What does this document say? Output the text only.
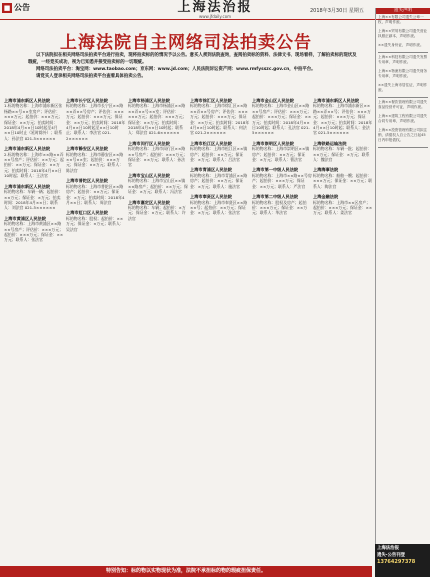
■ 公告	上海法治报
www.jfdaily.com
2018年3月30日 星期五
上海法院自主网络司法拍卖公告

以下法院拟在相关网络司法拍卖平台进行拍卖，现将拍卖标的的情况予以公告。意买人须到法院查询，查阅拍卖标的资料、法律文书、现场看样，了解拍卖标的现状及瑕疵，一经竞买成功，视为已知悉并接受拍卖标的一切瑕疵。

网络司法拍卖平台：淘宝网：www.taobao.com；京东网：www.jd.com；人民法院诉讼资产网：www.rmfysszc.gov.cn，中拍平台。

请竞买人登录相关网络司法拍卖平台查看具体拍卖公告。

上海市浦东新区人民法院
1.标的物名称：上海市浦东新区张杨路××号××室房产；评估价：×××万元；起拍价：×××万元；保证金：××万元；拍卖时间：2018年4月××日10时起至4月××日10时止（延时除外）；联系人：孙法官 021-5××××××
上海市浦东新区人民法院
2.标的物名称：上海市××路××弄××号房产；评估价：××万元；起拍价：××万元；保证金：××万元；拍卖时间：2018年4月××日10时起；联系人：王法官
上海市浦东新区人民法院
标的物名称：车辆一辆；起拍价：××万元；保证金：×万元；拍卖时间：2018年4月××日；联系人：刘法官 021-5××××××
上海市黄浦区人民法院
标的物名称：上海市黄浦区××路××号房产；评估价：×××万元；起拍价：×××万元；保证金：××万元；联系人：张法官
上海市长宁区人民法院
标的物名称：上海市长宁区××路××弄××号房产；评估价：×××万元；起拍价：×××万元；保证金：××万元；拍卖时间：2018年4月××日10时起至××日10时止；联系人：李法官 021-2××××××
上海市静安区人民法院
标的物名称：上海市静安区××路××号××室；起拍价：×××万元；保证金：××万元；联系人：陈法官
上海市普陀区人民法院
标的物名称：上海市普陀区××路房产；起拍价：××万元；保证金：×万元；拍卖时间：2018年4月××日；联系人：周法官
上海市虹口区人民法院
标的物名称：股权；起拍价：××万元；保证金：×万元；联系人：吴法官
上海市杨浦区人民法院
标的物名称：上海市杨浦区××路××弄××号××室；评估价：×××万元；起拍价：×××万元；保证金：××万元；拍卖时间：2018年4月××日10时起；联系人：郑法官 021-6××××××
上海市闵行区人民法院
标的物名称：上海市闵行区××路××号房产；起拍价：×××万元；保证金：××万元；联系人：孙法官
上海市宝山区人民法院
标的物名称：上海市宝山区××镇××路房产；起拍价：××万元；保证金：×万元；联系人：冯法官
上海市嘉定区人民法院
标的物名称：车辆；起拍价：×万元；保证金：×万元；联系人：许法官
上海市徐汇区人民法院
标的物名称：上海市徐汇区××路××弄××号房产；评估价：×××万元；起拍价：×××万元；保证金：××万元；拍卖时间：2018年4月××日10时起；联系人：何法官 021-2××××××
上海市松江区人民法院
标的物名称：上海市松江区××镇房产；起拍价：××万元；保证金：×万元；联系人：吕法官
上海市青浦区人民法院
标的物名称：上海市青浦区××路房产；起拍价：××万元；保证金：×万元；联系人：施法官
上海市奉贤区人民法院
标的物名称：上海市奉贤区××路××号；起拍价：××万元；保证金：×万元；联系人：张法官
上海市金山区人民法院
标的物名称：上海市金山区××路××号房产；评估价：×××万元；起拍价：×××万元；保证金：××万元；拍卖时间：2018年4月××日10时起；联系人：孔法官 021-5××××××
上海市崇明区人民法院
标的物名称：上海市崇明区××镇房产；起拍价：××万元；保证金：×万元；联系人：曹法官
上海市第一中级人民法院
标的物名称：上海市××路××号房产；起拍价：×××万元；保证金：××万元；联系人：严法官
上海市第二中级人民法院
标的物名称：股权及房产；起拍价：×××万元；保证金：××万元；联系人：华法官
上海市浦东新区人民法院
标的物名称：上海市浦东新区××路××弄××号；评估价：×××万元；起拍价：×××万元；保证金：××万元；拍卖时间：2018年4月××日10时起；联系人：金法官 021-5××××××
上海铁路运输法院
标的物名称：车辆一批；起拍价：××万元；保证金：×万元；联系人：魏法官
上海海事法院
标的物名称：船舶一艘；起拍价：×××万元；保证金：××万元；联系人：陶法官
上海金融法院
标的物名称：上海市××区房产；起拍价：×××万元；保证金：××万元；联系人：姜法官
遗失声明
上海××有限公司遗失公章一枚，声明作废。
上海××贸易有限公司遗失营业执照正副本，声明作废。
××遗失身份证，声明作废。
上海××科技有限公司遗失发票专用章，声明作废。
上海××物流有限公司遗失财务专用章，声明作废。
××遗失上海市居住证，声明作废。
上海××餐饮管理有限公司遗失食品经营许可证，声明作废。
上海××建筑工程有限公司遗失合同专用章，声明作废。
上海××投资管理有限公司拟注销，请债权人自公告之日起45日内申报债权。
特别告知：标的物以实物现状为准，法院不承担标的物的瑕疵担保责任。
上海法治报
遗失·公告刊登
13764297378
